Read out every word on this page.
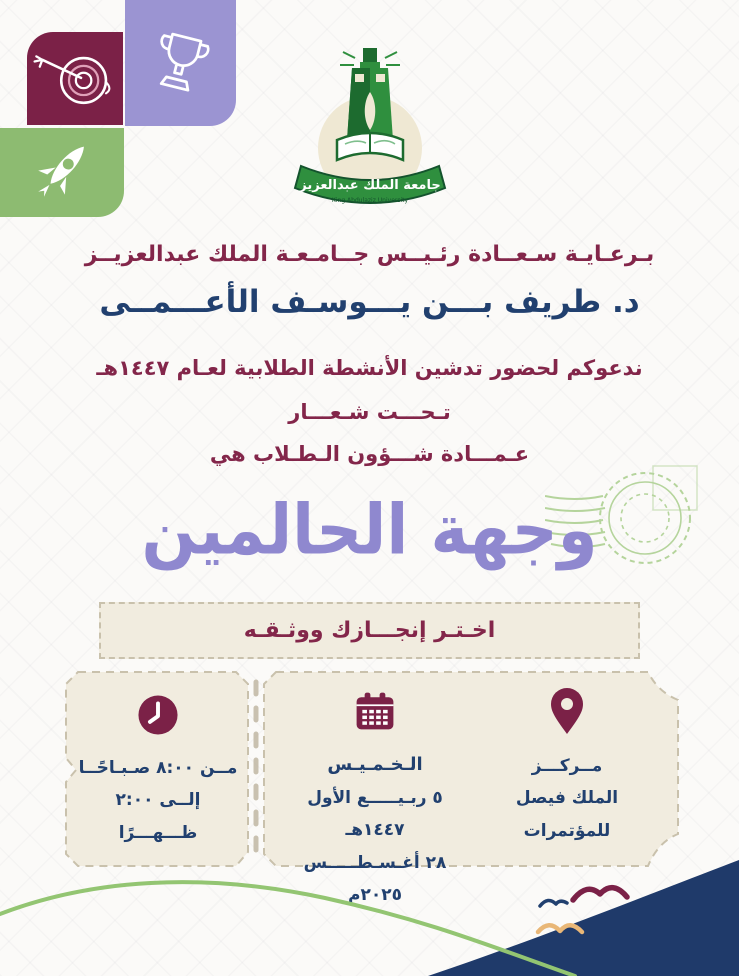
جامعة الملك عبدالعزيز
King Abdulaziz University
بـرعـايـة سـعــادة رئـيــس جــامـعـة الملك عبدالعزيــز
د. طريف بـــن يـــوسـف الأعـــمــى
ندعوكم لحضور تدشين الأنشطة الطلابية لعـام ١٤٤٧هـ
تـحـــت شـعـــار
عـمـــادة شـــؤون الـطـلاب هي
وجهة الحالمين
اخـتـر إنجـــازك ووثـقـه
مــن ٨:٠٠ صـبـاحًــا
إلــى ٢:٠٠ ظـــهـــرًا
الـخـمـيـس
٥ ربـيـــــع الأول ١٤٤٧هـ
٢٨ أغـسـطـــــس ٢٠٢٥م
مــركـــز
الملك فيصل للمؤتمرات
